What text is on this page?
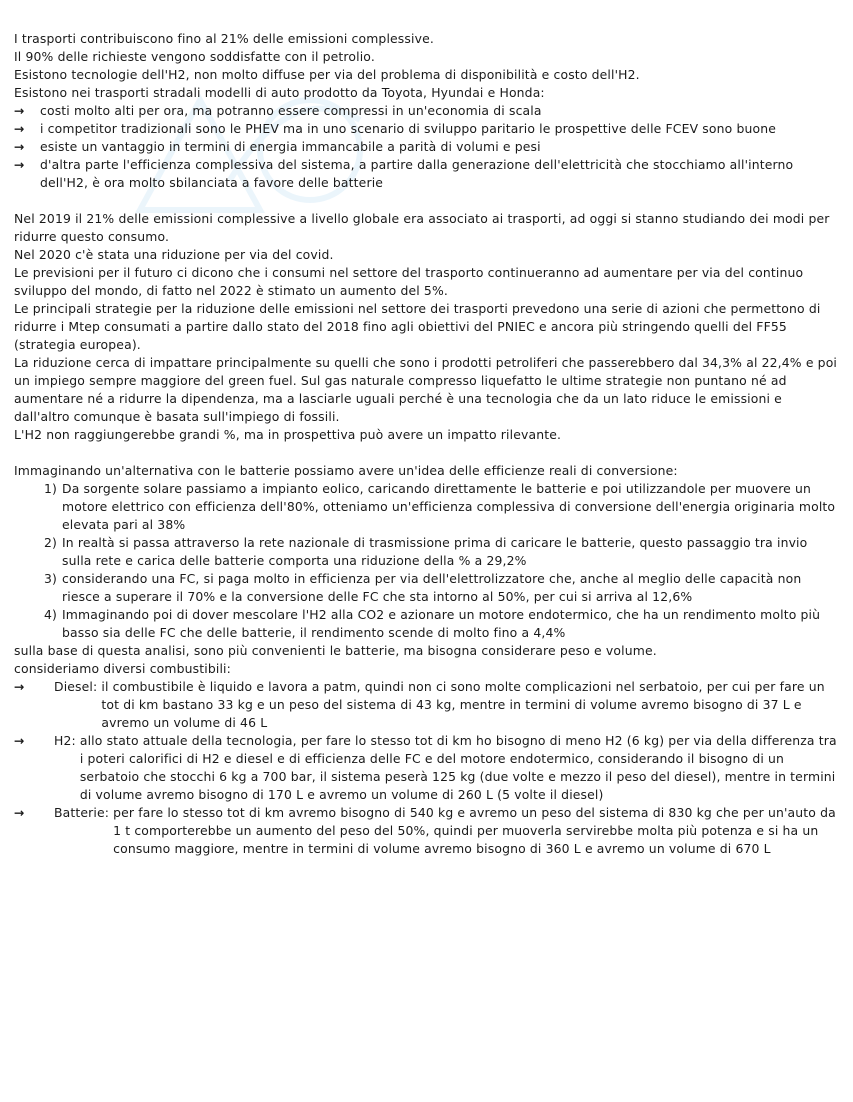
I trasporti contribuiscono fino al 21% delle emissioni complessive.
Il 90% delle richieste vengono soddisfatte con il petrolio.
Esistono tecnologie dell'H2, non molto diffuse per via del problema di disponibilità e costo dell'H2.
Esistono nei trasporti stradali modelli di auto prodotto da Toyota, Hyundai e Honda:
→	costi molto alti per ora, ma potranno essere compressi in un'economia di scala
→	i competitor tradizionali sono le PHEV ma in uno scenario di sviluppo paritario le prospettive delle FCEV sono buone
→	esiste un vantaggio in termini di energia immancabile a parità di volumi e pesi
→	d'altra parte l'efficienza complessiva del sistema, a partire dalla generazione dell'elettricità che stocchiamo all'interno dell'H2, è ora molto sbilanciata a favore delle batterie
Nel 2019 il 21% delle emissioni complessive a livello globale era associato ai trasporti, ad oggi si stanno studiando dei modi per ridurre questo consumo.
Nel 2020 c'è stata una riduzione per via del covid.
Le previsioni per il futuro ci dicono che i consumi nel settore del trasporto continueranno ad aumentare per via del continuo sviluppo del mondo, di fatto nel 2022 è stimato un aumento del 5%.
Le principali strategie per la riduzione delle emissioni nel settore dei trasporti prevedono una serie di azioni che permettono di ridurre i Mtep consumati a partire dallo stato del 2018 fino agli obiettivi del PNIEC e ancora più stringendo quelli del FF55 (strategia europea).
La riduzione cerca di impattare principalmente su quelli che sono i prodotti petroliferi che passerebbero dal 34,3% al 22,4% e poi un impiego sempre maggiore del green fuel. Sul gas naturale compresso liquefatto le ultime strategie non puntano né ad aumentare né a ridurre la dipendenza, ma a lasciarle uguali perché è una tecnologia che da un lato riduce le emissioni e dall'altro comunque è basata sull'impiego di fossili.
L'H2 non raggiungerebbe grandi %, ma in prospettiva può avere un impatto rilevante.
Immaginando un'alternativa con le batterie possiamo avere un'idea delle efficienze reali di conversione:
1) Da sorgente solare passiamo a impianto eolico, caricando direttamente le batterie e poi utilizzandole per muovere un motore elettrico con efficienza dell'80%, otteniamo un'efficienza complessiva di conversione dell'energia originaria molto elevata pari al 38%
2) In realtà si passa attraverso la rete nazionale di trasmissione prima di caricare le batterie, questo passaggio tra invio sulla rete e carica delle batterie comporta una riduzione della % a 29,2%
3) considerando una FC, si paga molto in efficienza per via dell'elettrolizzatore che, anche al meglio delle capacità non riesce a superare il 70% e la conversione delle FC che sta intorno al 50%, per cui si arriva al 12,6%
4) Immaginando poi di dover mescolare l'H2 alla CO2 e azionare un motore endotermico, che ha un rendimento molto più basso sia delle FC che delle batterie, il rendimento scende di molto fino a 4,4%
sulla base di questa analisi, sono più convenienti le batterie, ma bisogna considerare peso e volume.
consideriamo diversi combustibili:
→	Diesel: il combustibile è liquido e lavora a patm, quindi non ci sono molte complicazioni nel serbatoio, per cui per fare un tot di km bastano 33 kg e un peso del sistema di 43 kg, mentre in termini di volume avremo bisogno di 37 L e avremo un volume di 46 L
→	H2: allo stato attuale della tecnologia, per fare lo stesso tot di km ho bisogno di meno H2 (6 kg) per via della differenza tra i poteri calorifici di H2 e diesel e di efficienza delle FC e del motore endotermico, considerando il bisogno di un serbatoio che stocchi 6 kg a 700 bar, il sistema peserà 125 kg (due volte e mezzo il peso del diesel), mentre in termini di volume avremo bisogno di 170 L e avremo un volume di 260 L (5 volte il diesel)
→	Batterie: per fare lo stesso tot di km avremo bisogno di 540 kg e avremo un peso del sistema di 830 kg che per un'auto da 1 t comporterebbe un aumento del peso del 50%, quindi per muoverla servirebbe molta più potenza e si ha un consumo maggiore, mentre in termini di volume avremo bisogno di 360 L e avremo un volume di 670 L
